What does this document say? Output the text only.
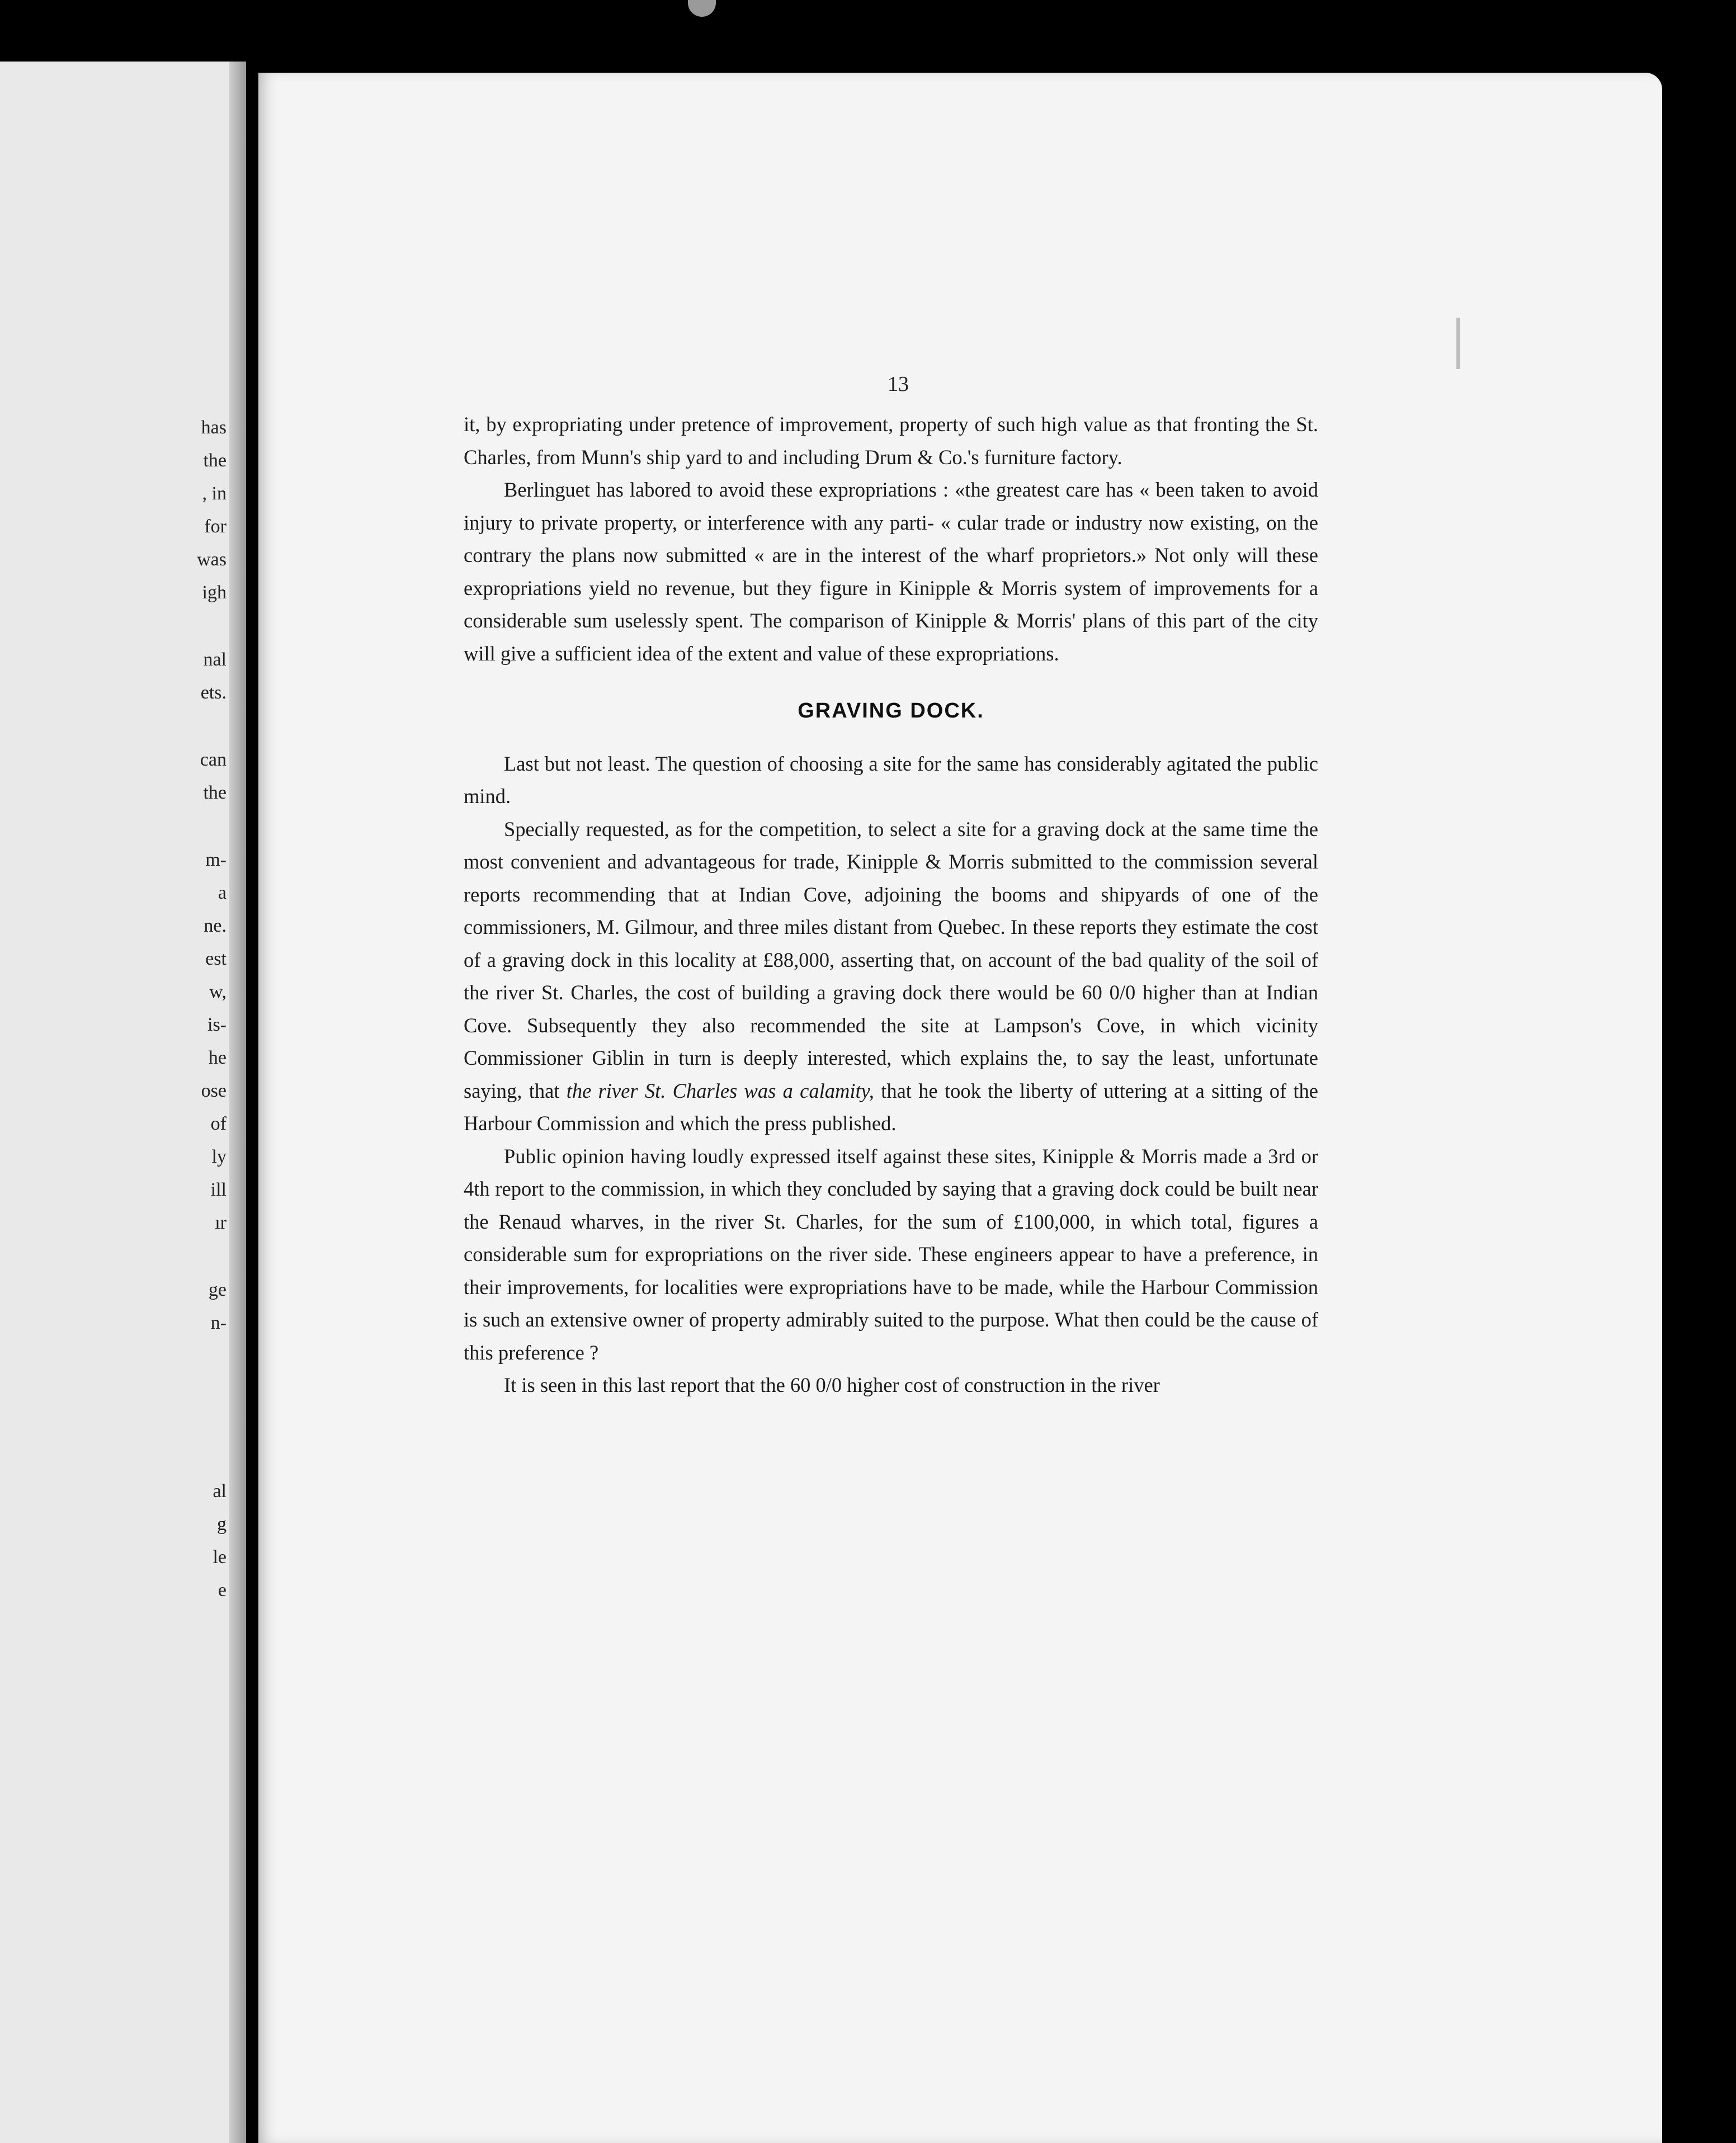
has
the
, in
for
was
igh
nal
ets.
can
the
m-
a
ne.
est
w,
is-
he
ose
of
ly
ill
ır
ge
n-
al
g
le
e
13

it, by expropriating under pretence of improvement, property of such high value as that fronting the St. Charles, from Munn's ship yard to and including Drum & Co.'s furniture factory.

Berlinguet has labored to avoid these expropriations : «the greatest care has « been taken to avoid injury to private property, or interference with any parti- « cular trade or industry now existing, on the contrary the plans now submitted « are in the interest of the wharf proprietors.» Not only will these expropriations yield no revenue, but they figure in Kinipple & Morris system of improvements for a considerable sum uselessly spent. The comparison of Kinipple & Morris' plans of this part of the city will give a sufficient idea of the extent and value of these expropriations.

GRAVING DOCK.

Last but not least. The question of choosing a site for the same has considerably agitated the public mind.

Specially requested, as for the competition, to select a site for a graving dock at the same time the most convenient and advantageous for trade, Kinipple & Morris submitted to the commission several reports recommending that at Indian Cove, adjoining the booms and shipyards of one of the commissioners, M. Gilmour, and three miles distant from Quebec. In these reports they estimate the cost of a graving dock in this locality at £88,000, asserting that, on account of the bad quality of the soil of the river St. Charles, the cost of building a graving dock there would be 60 0/0 higher than at Indian Cove. Subsequently they also recommended the site at Lampson's Cove, in which vicinity Commissioner Giblin in turn is deeply interested, which explains the, to say the least, unfortunate saying, that the river St. Charles was a calamity, that he took the liberty of uttering at a sitting of the Harbour Commission and which the press published.

Public opinion having loudly expressed itself against these sites, Kinipple & Morris made a 3rd or 4th report to the commission, in which they concluded by saying that a graving dock could be built near the Renaud wharves, in the river St. Charles, for the sum of £100,000, in which total, figures a considerable sum for expropriations on the river side. These engineers appear to have a preference, in their improvements, for localities were expropriations have to be made, while the Harbour Commission is such an extensive owner of property admirably suited to the purpose. What then could be the cause of this preference ?

It is seen in this last report that the 60 0/0 higher cost of construction in the river
